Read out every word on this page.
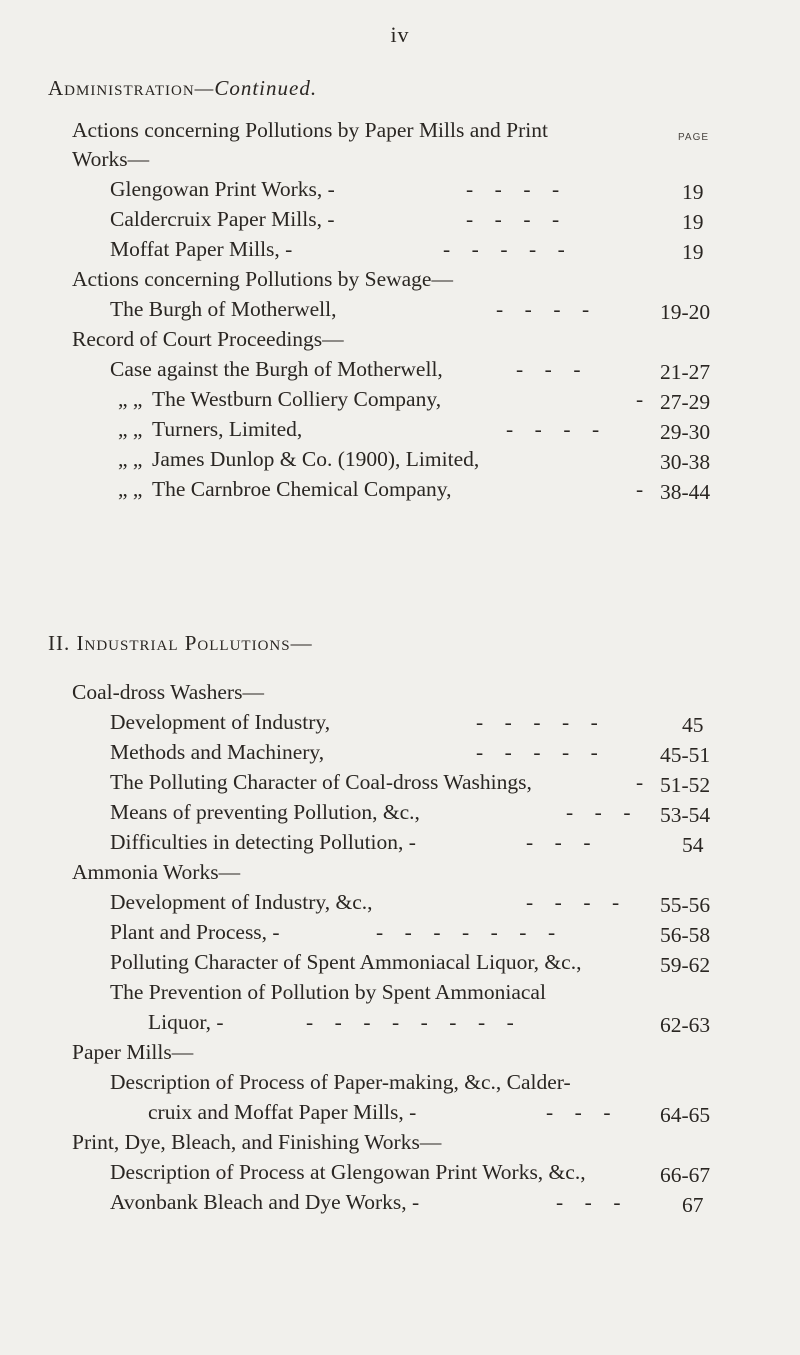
iv
Administration—Continued.
PAGE
Actions concerning Pollutions by Paper Mills and Print
Works—
Glengowan Print Works, -	-    -    -    -	19
Caldercruix Paper Mills, -	-    -    -    -	19
Moffat Paper Mills, -	-    -    -    -    -	19
Actions concerning Pollutions by Sewage—
The Burgh of Motherwell,	-    -    -    -	19-20
Record of Court Proceedings—
Case against the Burgh of Motherwell,	-    -    -	21-27
„ „ The Westburn Colliery Company,	- 27-29
„ „ Turners, Limited,	-    -    -    -	29-30
„ „ James Dunlop & Co. (1900), Limited,	30-38
„ „ The Carnbroe Chemical Company,	- 38-44
II. Industrial Pollutions—
Coal-dross Washers—
Development of Industry,	-    -    -    -    -	45
Methods and Machinery,	-    -    -    -    -	45-51
The Polluting Character of Coal-dross Washings,	- 51-52
Means of preventing Pollution, &c.,	-    -    - 53-54
Difficulties in detecting Pollution, -	-    -    -	54
Ammonia Works—
Development of Industry, &c.,	-    -    -    - 55-56
Plant and Process, -	-    -    -    -    -    -    -	56-58
Polluting Character of Spent Ammoniacal Liquor, &c.,	59-62
The Prevention of Pollution by Spent Ammoniacal
Liquor, -	-    -    -    -    -    -    -    -	62-63
Paper Mills—
Description of Process of Paper-making, &c., Calder-
cruix and Moffat Paper Mills, -	-    -    - 64-65
Print, Dye, Bleach, and Finishing Works—
Description of Process at Glengowan Print Works, &c.,	66-67
Avonbank Bleach and Dye Works, -	-    -    -	67
